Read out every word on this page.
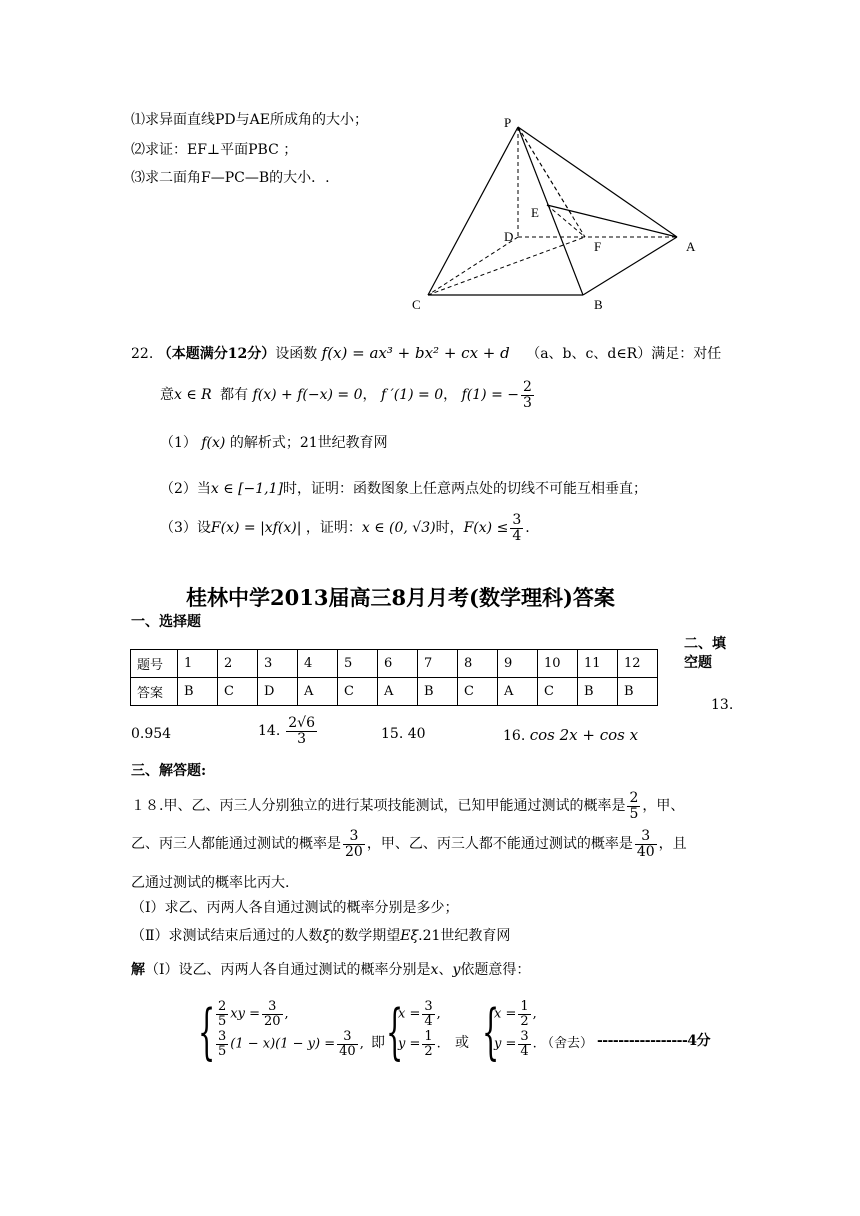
⑴求异面直线PD与AE所成角的大小；
⑵求证：EF⊥平面PBC ；
⑶求二面角F—PC—B的大小．.
P
E
D
F	A
C	B
22. （本题满分12分）设函数 f(x) = ax³ + bx² + cx + d （a、b、c、d∈R）满足：对任
意x ∈ R 都有 f(x) + f(−x) = 0， f ′(1) = 0， f(1) = − $\frac{2}{3}$
（1） f(x) 的解析式；21世纪教育网
（2）当x ∈ [−1,1]时，证明：函数图象上任意两点处的切线不可能互相垂直；
（3）设F(x) = |xf(x)| ，证明：x ∈ (0, √3)时，$F(x) \le \frac{3}{4}$ .
桂林中学2013届高三8月月考(数学理科)答案
一、选择题
二、填
空题
题号	1	2	3	4	5	6	7	8	9	10	11	12
答案	B	C	D	A	C	A	B	C	A	C	B	B
13.
0.954	14. $\frac{2√6}{3}$	15. 40	16. cos 2x + cos x
三、解答题:
１８.甲、乙、丙三人分别独立的进行某项技能测试，已知甲能通过测试的概率是 $\frac{2}{5}$ ，甲、
乙、丙三人都能通过测试的概率是 $\frac{3}{20}$ ，甲、乙、丙三人都不能通过测试的概率是 $\frac{3}{40}$ ，且
乙通过测试的概率比丙大.
（Ⅰ）求乙、丙两人各自通过测试的概率分别是多少；
（Ⅱ）求测试结束后通过的人数ξ的数学期望Eξ.21世纪教育网
解（Ⅰ）设乙、丙两人各自通过测试的概率分别是x、y依题意得：
{ $\frac{2}{5}$ xy = $\frac{3}{20}$ ,
$\frac{3}{5} (1 - x)(1 - y) = \frac{3}{40}$ , 即 {
$x = \frac{3}{4}$ ,
$y = \frac{1}{2}$ . 或 {
$x = \frac{1}{2}$ ,
$y = \frac{3}{4}$ . （舍去） -----------------4分
